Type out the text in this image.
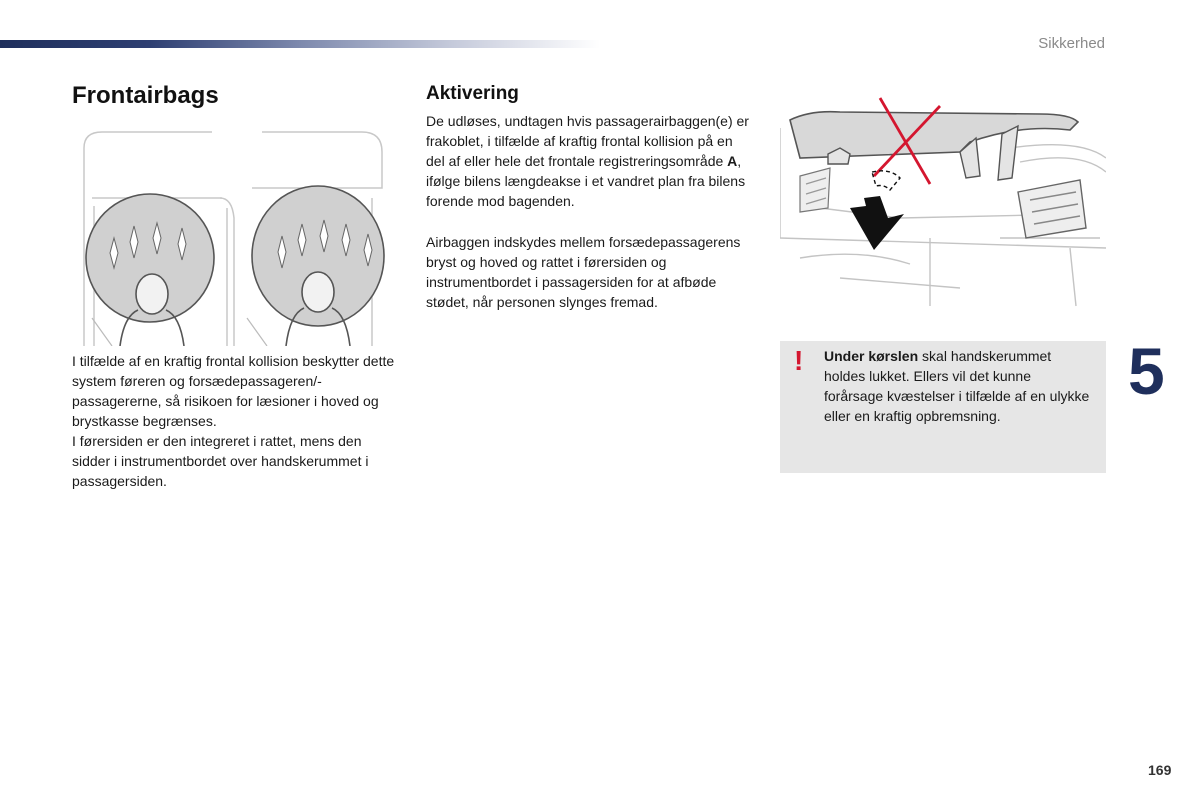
Sikkerhed
Frontairbags

I tilfælde af en kraftig frontal kollision beskytter dette system føreren og forsædepassageren/-passagererne, så risikoen for læsioner i hoved og brystkasse begrænses.

I førersiden er den integreret i rattet, mens den sidder i instrumentbordet over handskerummet i passagersiden.

Aktivering

De udløses, undtagen hvis passagerairbaggen(e) er frakoblet, i tilfælde af kraftig frontal kollision på en del af eller hele det frontale registreringsområde A, ifølge bilens længdeakse i et vandret plan fra bilens forende mod bagenden.

Airbaggen indskydes mellem forsædepassagerens bryst og hoved og rattet i førersiden og instrumentbordet i passagersiden for at afbøde stødet, når personen slynges fremad.

! Under kørslen skal handskerummet holdes lukket. Ellers vil det kunne forårsage kvæstelser i tilfælde af en ulykke eller en kraftig opbremsning.

5
169
